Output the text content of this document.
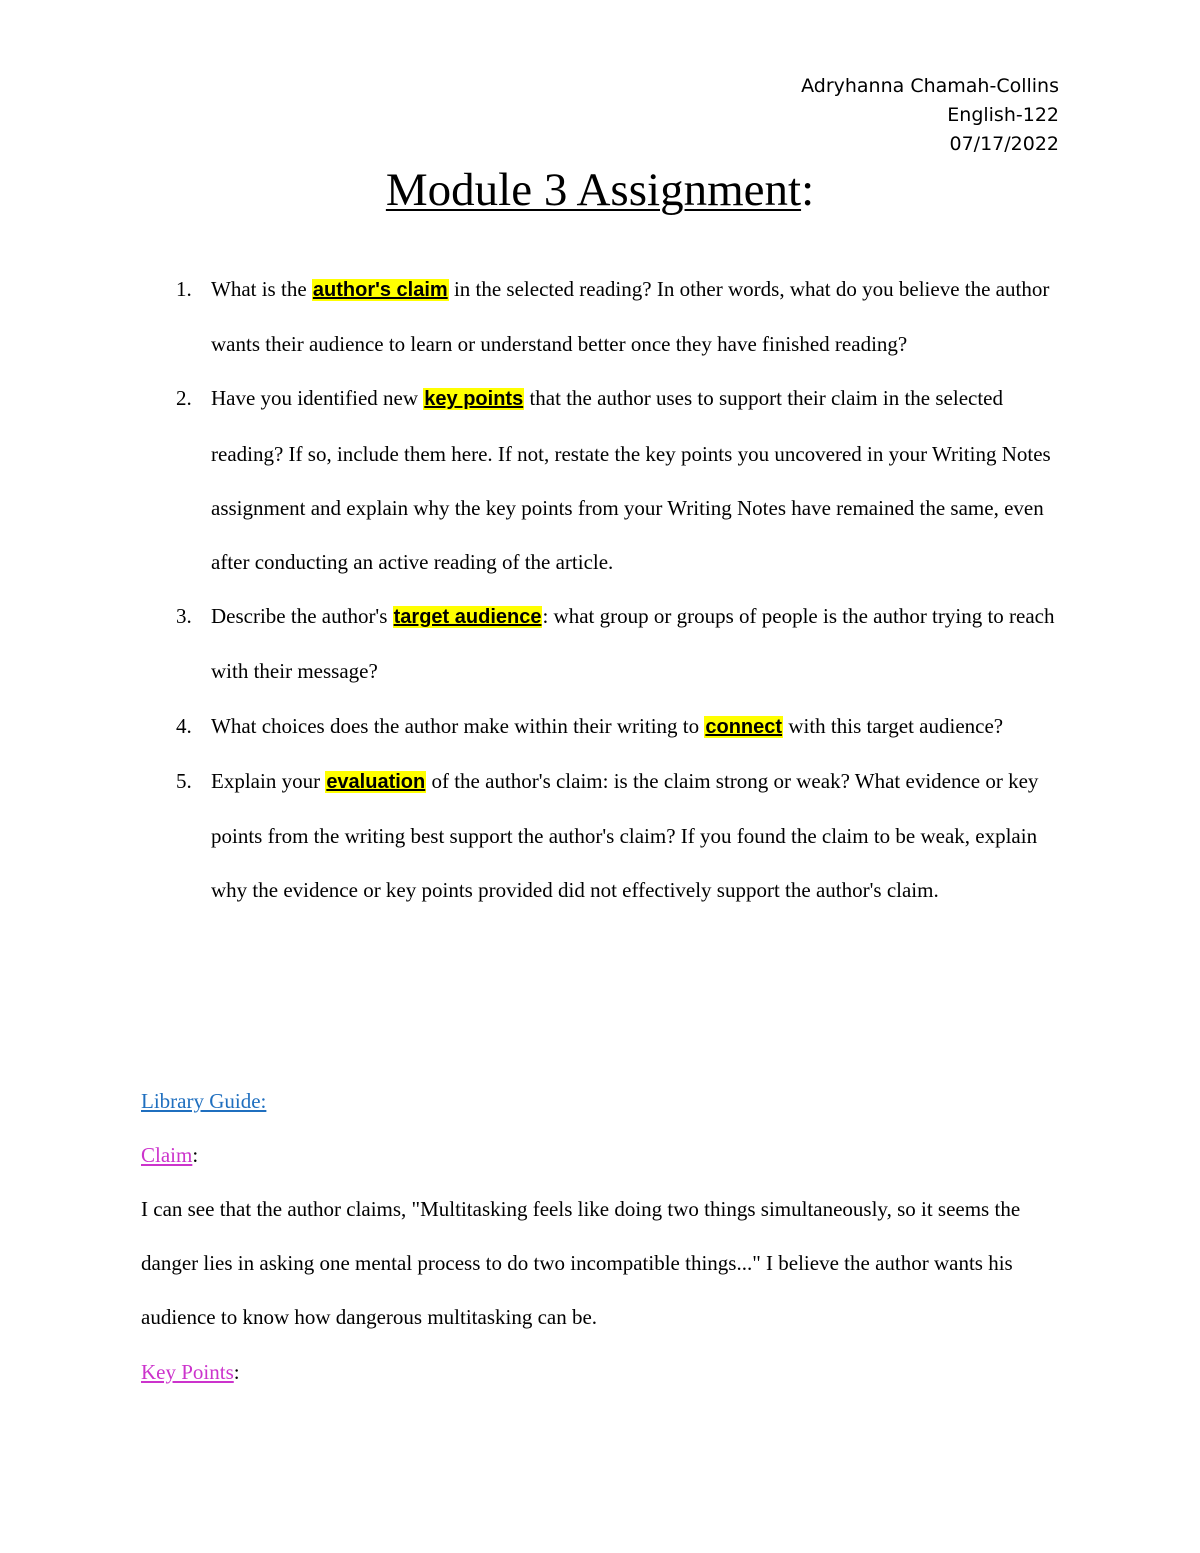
Adryhanna Chamah-Collins
English-122
07/17/2022
Module 3 Assignment:
1. What is the author's claim in the selected reading? In other words, what do you believe the author wants their audience to learn or understand better once they have finished reading?
2. Have you identified new key points that the author uses to support their claim in the selected reading? If so, include them here. If not, restate the key points you uncovered in your Writing Notes assignment and explain why the key points from your Writing Notes have remained the same, even after conducting an active reading of the article.
3. Describe the author's target audience: what group or groups of people is the author trying to reach with their message?
4. What choices does the author make within their writing to connect with this target audience?
5. Explain your evaluation of the author's claim: is the claim strong or weak? What evidence or key points from the writing best support the author's claim? If you found the claim to be weak, explain why the evidence or key points provided did not effectively support the author's claim.
Library Guide:
Claim:
I can see that the author claims, "Multitasking feels like doing two things simultaneously, so it seems the danger lies in asking one mental process to do two incompatible things..." I believe the author wants his audience to know how dangerous multitasking can be.
Key Points:
